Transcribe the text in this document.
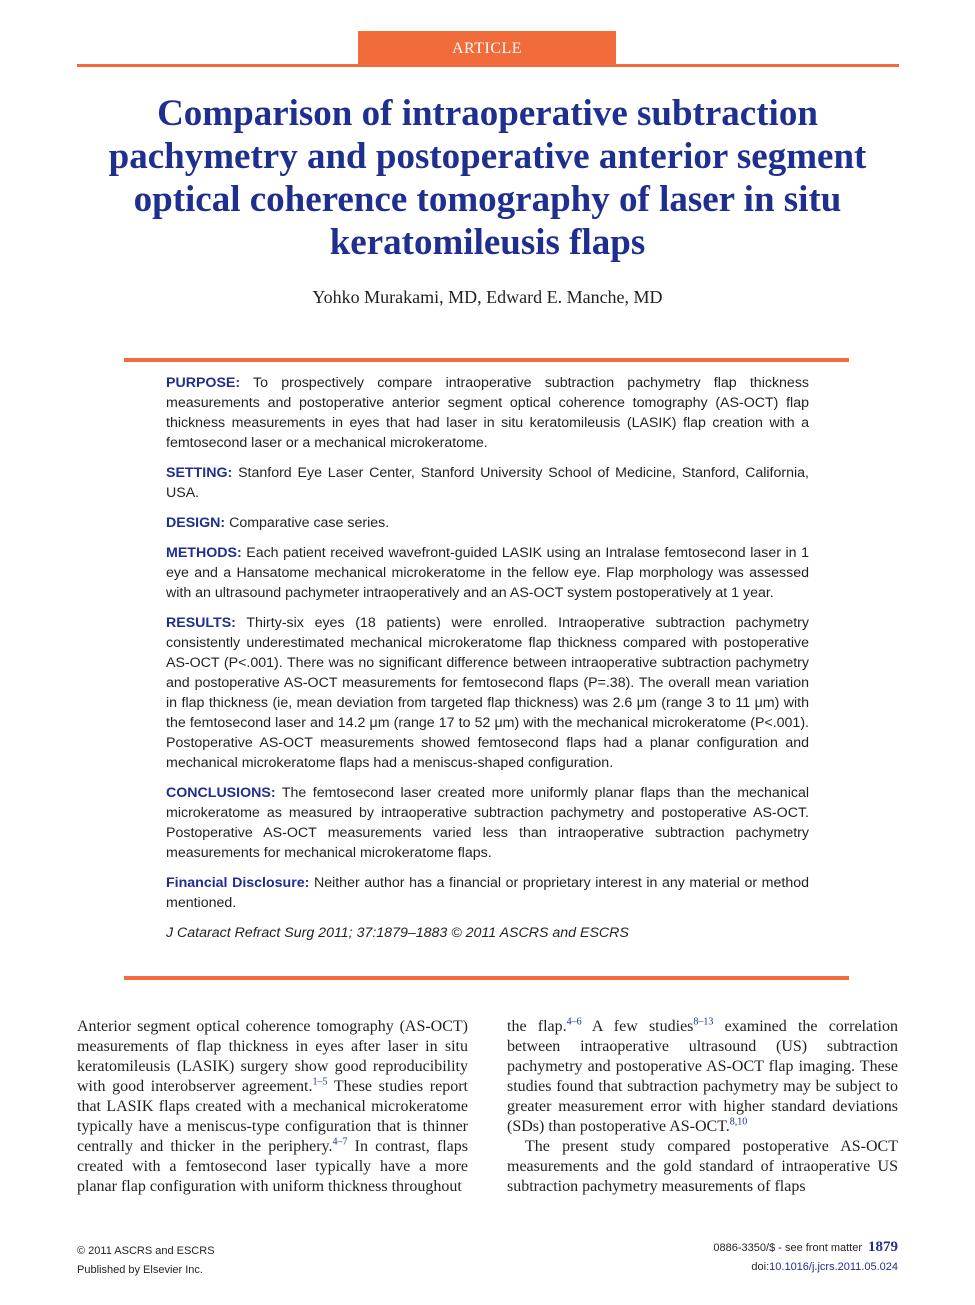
ARTICLE
Comparison of intraoperative subtraction pachymetry and postoperative anterior segment optical coherence tomography of laser in situ keratomileusis flaps
Yohko Murakami, MD, Edward E. Manche, MD

PURPOSE: To prospectively compare intraoperative subtraction pachymetry flap thickness measurements and postoperative anterior segment optical coherence tomography (AS-OCT) flap thickness measurements in eyes that had laser in situ keratomileusis (LASIK) flap creation with a femtosecond laser or a mechanical microkeratome.

SETTING: Stanford Eye Laser Center, Stanford University School of Medicine, Stanford, California, USA.

DESIGN: Comparative case series.

METHODS: Each patient received wavefront-guided LASIK using an Intralase femtosecond laser in 1 eye and a Hansatome mechanical microkeratome in the fellow eye. Flap morphology was assessed with an ultrasound pachymeter intraoperatively and an AS-OCT system postoperatively at 1 year.

RESULTS: Thirty-six eyes (18 patients) were enrolled. Intraoperative subtraction pachymetry consistently underestimated mechanical microkeratome flap thickness compared with postoperative AS-OCT (P<.001). There was no significant difference between intraoperative subtraction pachymetry and postoperative AS-OCT measurements for femtosecond flaps (P=.38). The overall mean variation in flap thickness (ie, mean deviation from targeted flap thickness) was 2.6 μm (range 3 to 11 μm) with the femtosecond laser and 14.2 μm (range 17 to 52 μm) with the mechanical microkeratome (P<.001). Postoperative AS-OCT measurements showed femtosecond flaps had a planar configuration and mechanical microkeratome flaps had a meniscus-shaped configuration.

CONCLUSIONS: The femtosecond laser created more uniformly planar flaps than the mechanical microkeratome as measured by intraoperative subtraction pachymetry and postoperative AS-OCT. Postoperative AS-OCT measurements varied less than intraoperative subtraction pachymetry measurements for mechanical microkeratome flaps.

Financial Disclosure: Neither author has a financial or proprietary interest in any material or method mentioned.

J Cataract Refract Surg 2011; 37:1879–1883 © 2011 ASCRS and ESCRS

Anterior segment optical coherence tomography (AS-OCT) measurements of flap thickness in eyes after laser in situ keratomileusis (LASIK) surgery show good reproducibility with good interobserver agreement.$^{1-5}$ These studies report that LASIK flaps created with a mechanical microkeratome typically have a meniscus-type configuration that is thinner centrally and thicker in the periphery.$^{4-7}$ In contrast, flaps created with a femtosecond laser typically have a more planar flap configuration with uniform thickness throughout

the flap.$^{4-6}$ A few studies$^{8-13}$ examined the correlation between intraoperative ultrasound (US) subtraction pachymetry and postoperative AS-OCT flap imaging. These studies found that subtraction pachymetry may be subject to greater measurement error with higher standard deviations (SDs) than postoperative AS-OCT.$^{8,10}$

The present study compared postoperative AS-OCT measurements and the gold standard of intraoperative US subtraction pachymetry measurements of flaps

© 2011 ASCRS and ESCRS
Published by Elsevier Inc.
0886-3350/$ - see front matter 1879
doi:10.1016/j.jcrs.2011.05.024
